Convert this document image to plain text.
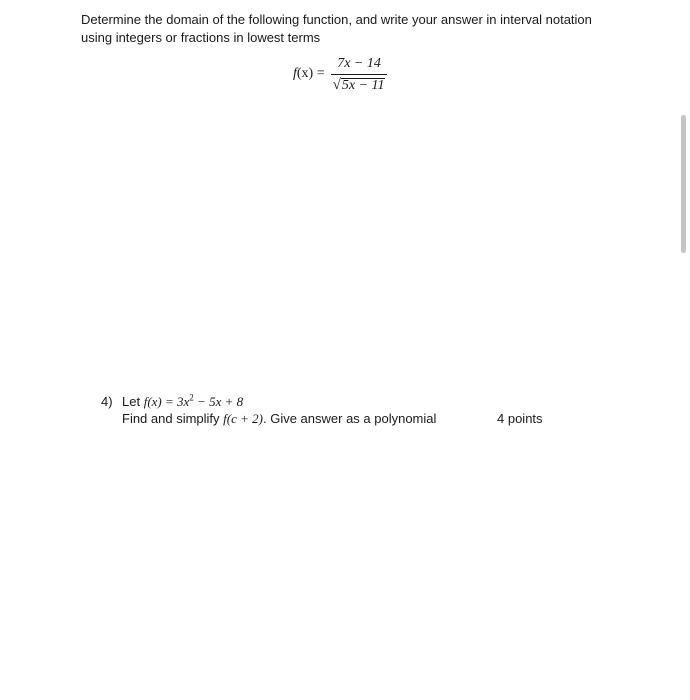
Determine the domain of the following function, and write your answer in interval notation
using integers or fractions in lowest terms
$f(x) = \frac{7x - 14}{√ 5x - 11}$
4) Let $f(x) = 3x^2 - 5x + 8$
Find and simplify f(c + 2). Give answer as a polynomial	4 points
